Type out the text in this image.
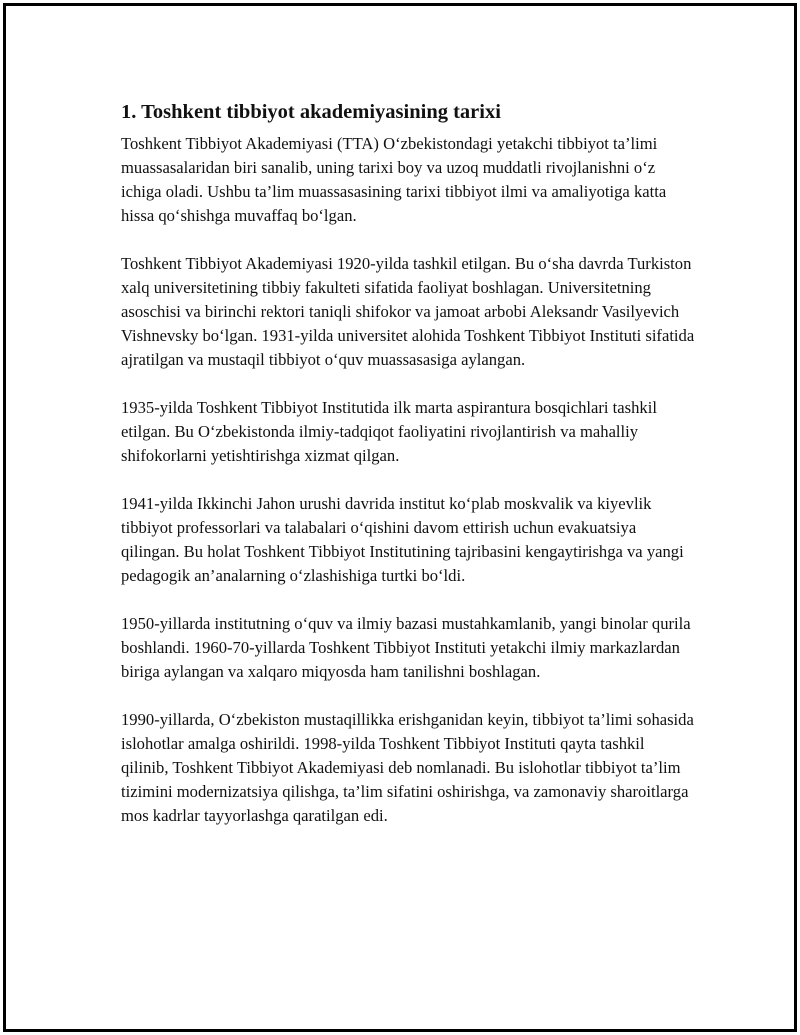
1. Toshkent tibbiyot akademiyasining tarixi

Toshkent Tibbiyot Akademiyasi (TTA) O‘zbekistondagi yetakchi tibbiyot ta’limi muassasalaridan biri sanalib, uning tarixi boy va uzoq muddatli rivojlanishni o‘z ichiga oladi. Ushbu ta’lim muassasasining tarixi tibbiyot ilmi va amaliyotiga katta hissa qo‘shishga muvaffaq bo‘lgan.

Toshkent Tibbiyot Akademiyasi 1920-yilda tashkil etilgan. Bu o‘sha davrda Turkiston xalq universitetining tibbiy fakulteti sifatida faoliyat boshlagan. Universitetning asoschisi va birinchi rektori taniqli shifokor va jamoat arbobi Aleksandr Vasilyevich Vishnevsky bo‘lgan. 1931-yilda universitet alohida Toshkent Tibbiyot Instituti sifatida ajratilgan va mustaqil tibbiyot o‘quv muassasasiga aylangan.

1935-yilda Toshkent Tibbiyot Institutida ilk marta aspirantura bosqichlari tashkil etilgan. Bu O‘zbekistonda ilmiy-tadqiqot faoliyatini rivojlantirish va mahalliy shifokorlarni yetishtirishga xizmat qilgan.

1941-yilda Ikkinchi Jahon urushi davrida institut ko‘plab moskvalik va kiyevlik tibbiyot professorlari va talabalari o‘qishini davom ettirish uchun evakuatsiya qilingan. Bu holat Toshkent Tibbiyot Institutining tajribasini kengaytirishga va yangi pedagogik an’analarning o‘zlashishiga turtki bo‘ldi.

1950-yillarda institutning o‘quv va ilmiy bazasi mustahkamlanib, yangi binolar qurila boshlandi. 1960-70-yillarda Toshkent Tibbiyot Instituti yetakchi ilmiy markazlardan biriga aylangan va xalqaro miqyosda ham tanilishni boshlagan.

1990-yillarda, O‘zbekiston mustaqillikka erishganidan keyin, tibbiyot ta’limi sohasida islohotlar amalga oshirildi. 1998-yilda Toshkent Tibbiyot Instituti qayta tashkil qilinib, Toshkent Tibbiyot Akademiyasi deb nomlanadi. Bu islohotlar tibbiyot ta’lim tizimini modernizatsiya qilishga, ta’lim sifatini oshirishga, va zamonaviy sharoitlarga mos kadrlar tayyorlashga qaratilgan edi.
